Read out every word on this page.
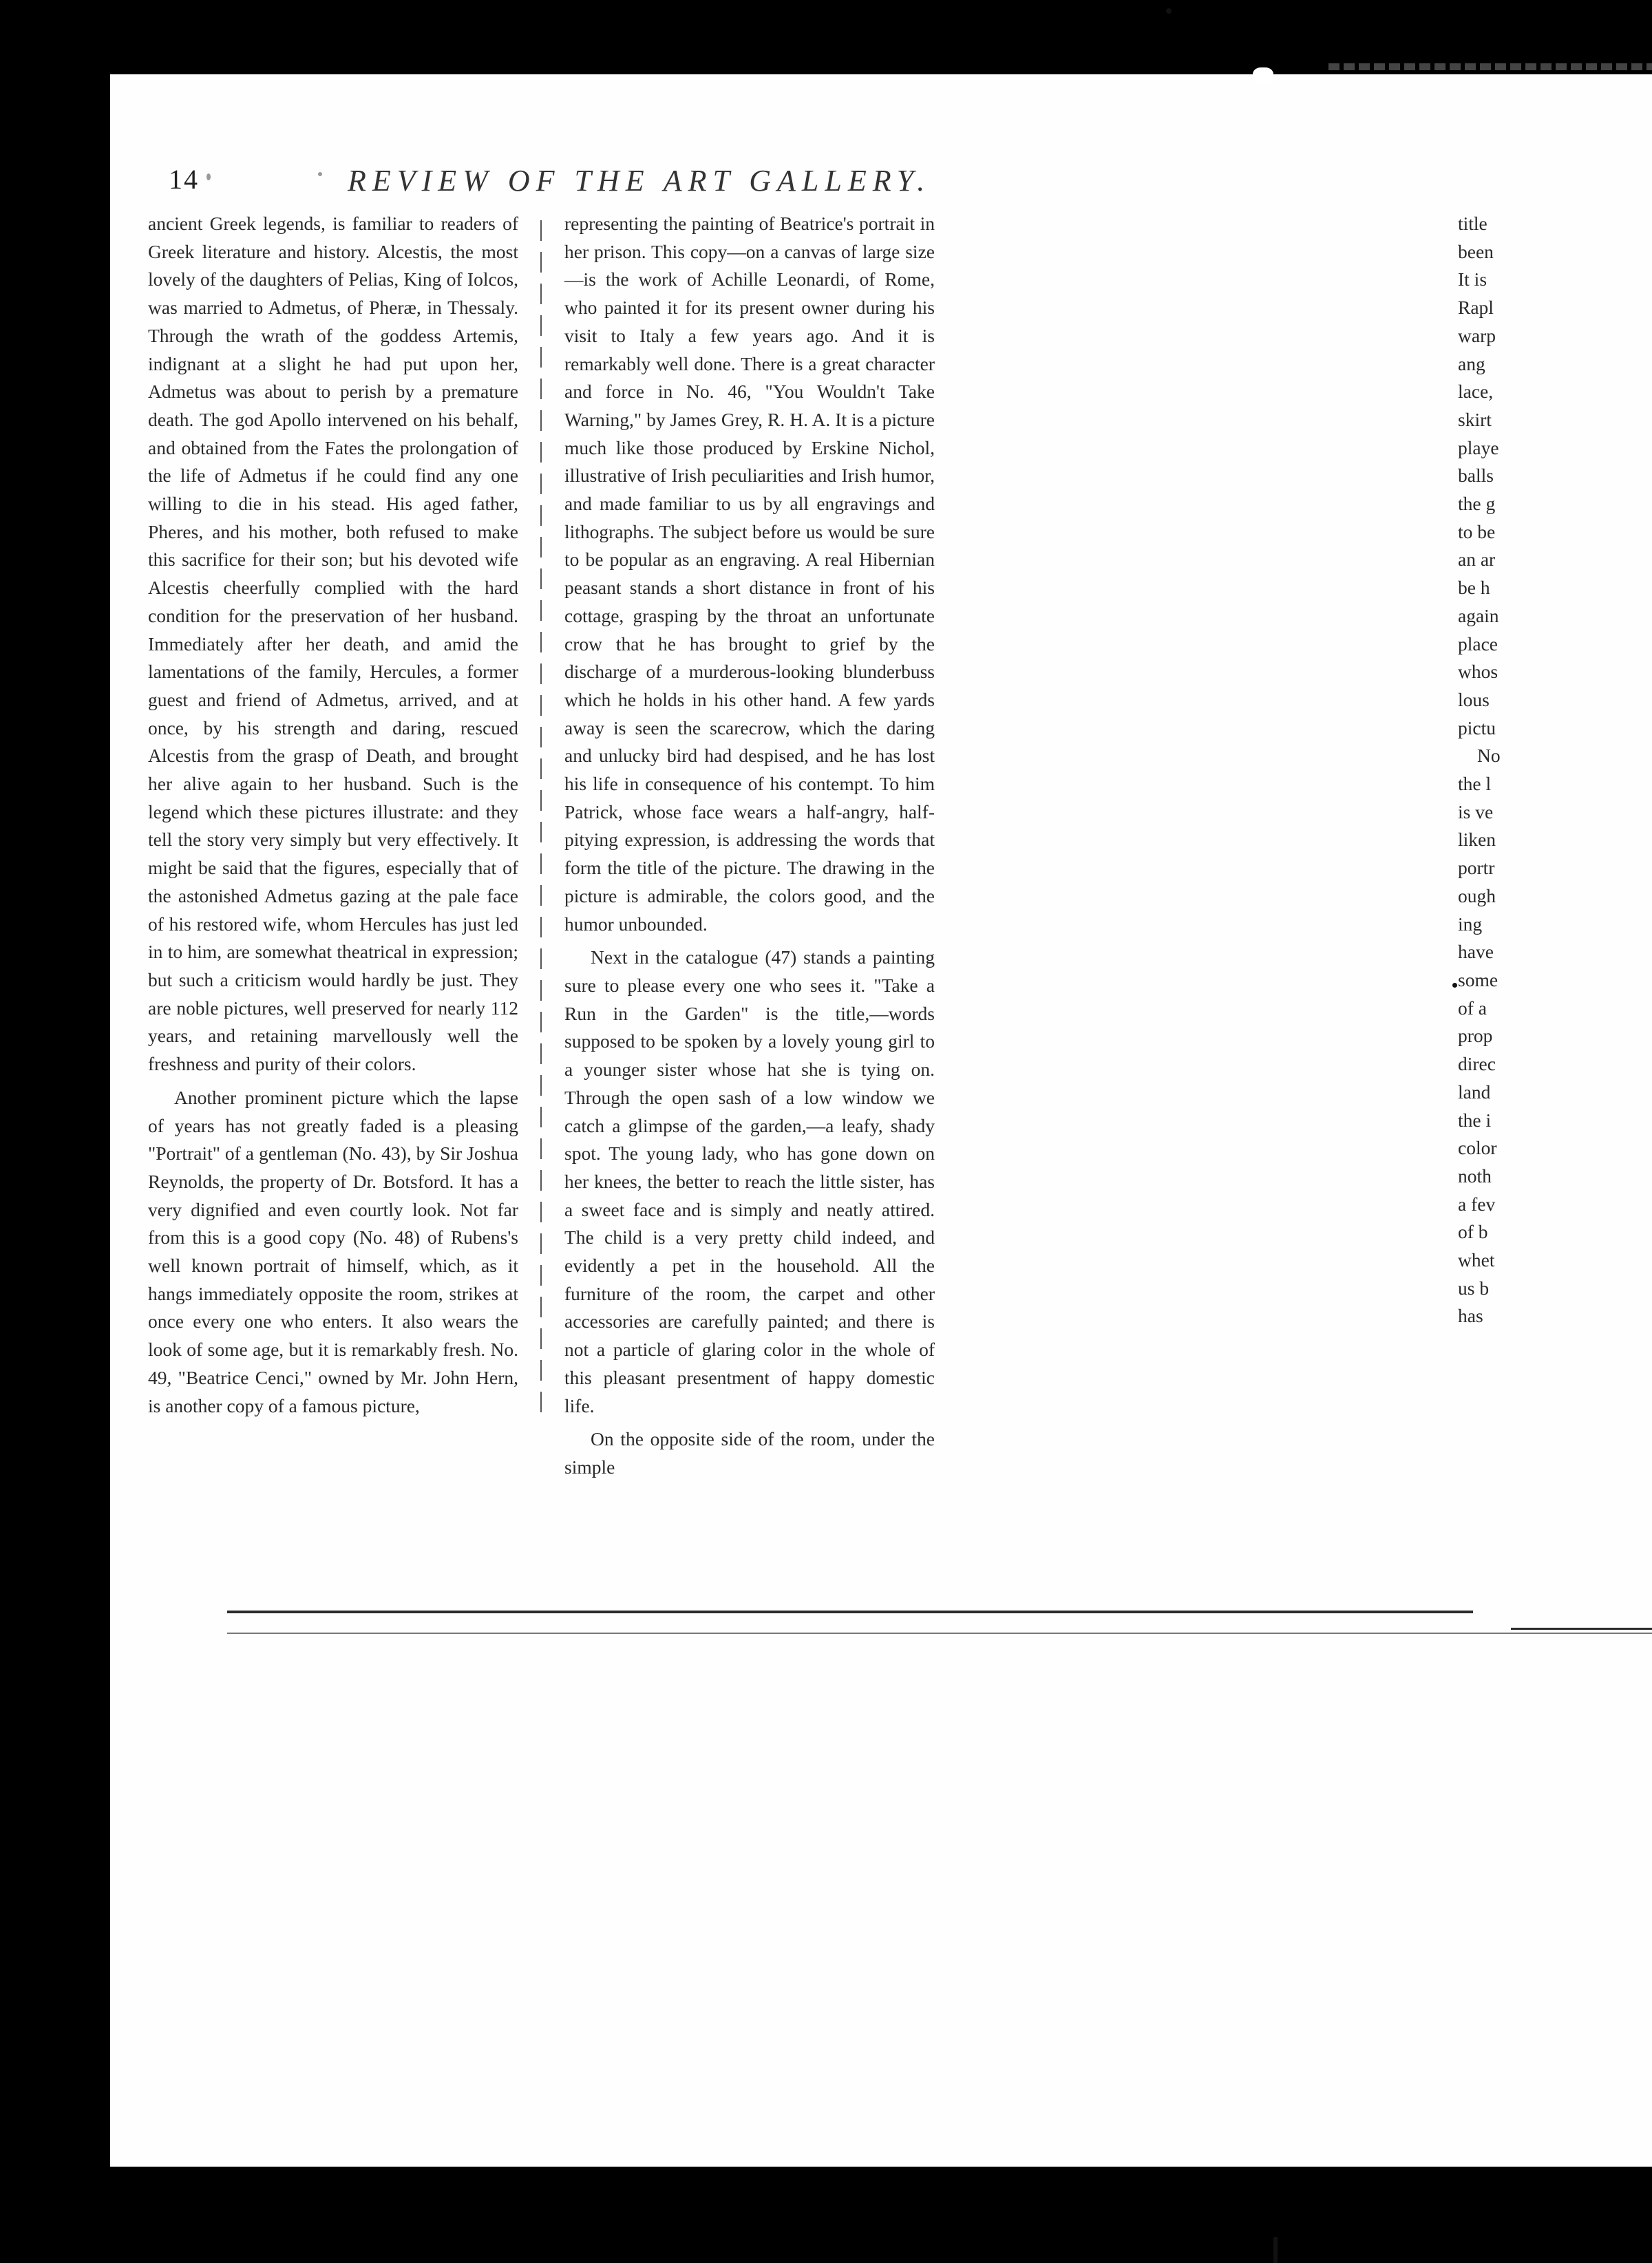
14	REVIEW OF THE ART GALLERY.

ancient Greek legends, is familiar to readers of Greek literature and history. Alcestis, the most lovely of the daughters of Pelias, King of Iolcos, was married to Admetus, of Pheræ, in Thessaly. Through the wrath of the goddess Artemis, indignant at a slight he had put upon her, Admetus was about to perish by a premature death. The god Apollo intervened on his behalf, and obtained from the Fates the prolongation of the life of Admetus if he could find any one willing to die in his stead. His aged father, Pheres, and his mother, both refused to make this sacrifice for their son; but his devoted wife Alcestis cheerfully complied with the hard condition for the preservation of her husband. Immediately after her death, and amid the lamentations of the family, Hercules, a former guest and friend of Admetus, arrived, and at once, by his strength and daring, rescued Alcestis from the grasp of Death, and brought her alive again to her husband. Such is the legend which these pictures illustrate: and they tell the story very simply but very effectively. It might be said that the figures, especially that of the astonished Admetus gazing at the pale face of his restored wife, whom Hercules has just led in to him, are somewhat theatrical in expression; but such a criticism would hardly be just. They are noble pictures, well preserved for nearly 112 years, and retaining marvellously well the freshness and purity of their colors.

Another prominent picture which the lapse of years has not greatly faded is a pleasing "Portrait" of a gentleman (No. 43), by Sir Joshua Reynolds, the property of Dr. Botsford. It has a very dignified and even courtly look. Not far from this is a good copy (No. 48) of Rubens's well known portrait of himself, which, as it hangs immediately opposite the room, strikes at once every one who enters. It also wears the look of some age, but it is remarkably fresh. No. 49, "Beatrice Cenci," owned by Mr. John Hern, is another copy of a famous picture,

representing the painting of Beatrice's portrait in her prison. This copy—on a canvas of large size—is the work of Achille Leonardi, of Rome, who painted it for its present owner during his visit to Italy a few years ago. And it is remarkably well done. There is a great character and force in No. 46, "You Wouldn't Take Warning," by James Grey, R. H. A. It is a picture much like those produced by Erskine Nichol, illustrative of Irish peculiarities and Irish humor, and made familiar to us by all engravings and lithographs. The subject before us would be sure to be popular as an engraving. A real Hibernian peasant stands a short distance in front of his cottage, grasping by the throat an unfortunate crow that he has brought to grief by the discharge of a murderous-looking blunderbuss which he holds in his other hand. A few yards away is seen the scarecrow, which the daring and unlucky bird had despised, and he has lost his life in consequence of his contempt. To him Patrick, whose face wears a half-angry, half-pitying expression, is addressing the words that form the title of the picture. The drawing in the picture is admirable, the colors good, and the humor unbounded.

Next in the catalogue (47) stands a painting sure to please every one who sees it. "Take a Run in the Garden" is the title,—words supposed to be spoken by a lovely young girl to a younger sister whose hat she is tying on. Through the open sash of a low window we catch a glimpse of the garden,—a leafy, shady spot. The young lady, who has gone down on her knees, the better to reach the little sister, has a sweet face and is simply and neatly attired. The child is a very pretty child indeed, and evidently a pet in the household. All the furniture of the room, the carpet and other accessories are carefully painted; and there is not a particle of glaring color in the whole of this pleasant presentment of happy domestic life.

On the opposite side of the room, under the simple

title
been
It is
Rapl
warp
ang
lace,
skirt
playe
balls
the g
to be
an ar
be h
again
place
whos
lous
pictu
No
the l
is ve
liken
portr
ough
ing
have
some
of a
prop
direc
land
the i
color
noth
a fev
of b
whet
us b
has
